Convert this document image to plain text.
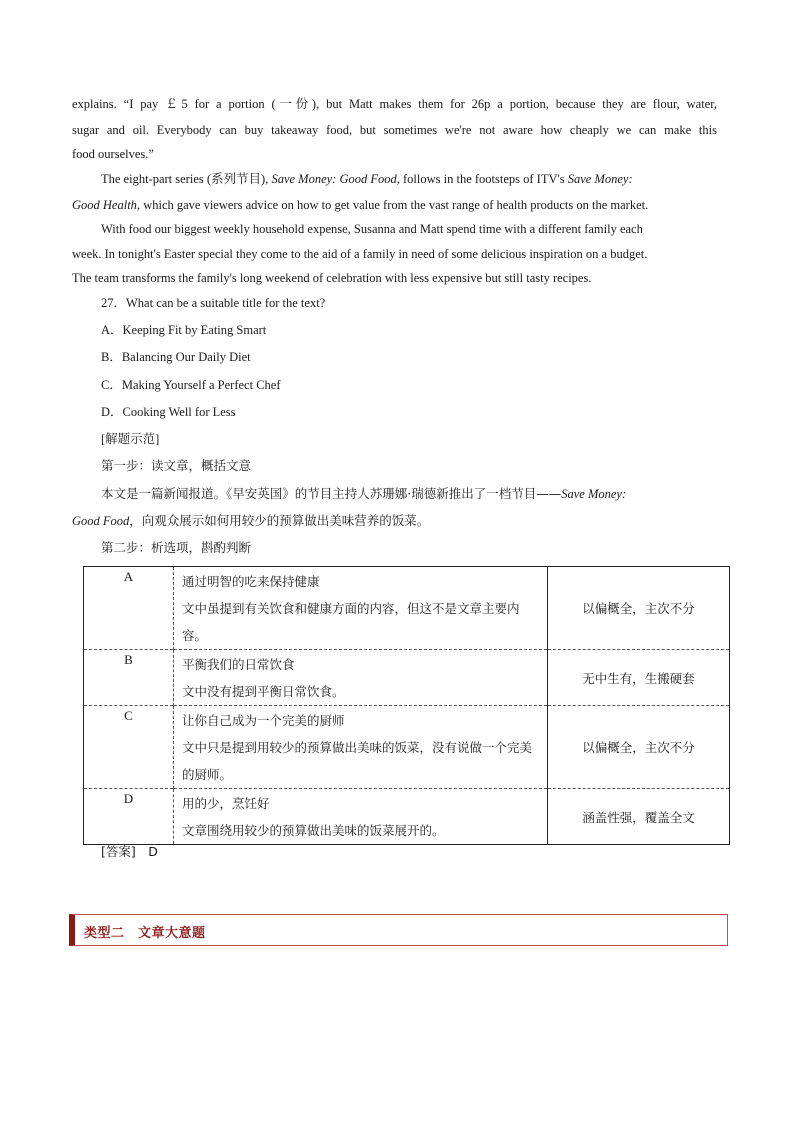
explains. “I pay ￡5 for a portion (一份), but Matt makes them for 26p a portion, because they are flour, water,
sugar and oil. Everybody can buy takeaway food, but sometimes we're not aware how cheaply we can make this
food ourselves.”
The eight-part series (系列节目), Save Money: Good Food, follows in the footsteps of ITV's Save Money:
Good Health, which gave viewers advice on how to get value from the vast range of health products on the market.
With food our biggest weekly household expense, Susanna and Matt spend time with a different family each
week. In tonight's Easter special they come to the aid of a family in need of some delicious inspiration on a budget.
The team transforms the family's long weekend of celebration with less expensive but still tasty recipes.
27．What can be a suitable title for the text?
A．Keeping Fit by Eating Smart
B．Balancing Our Daily Diet
C．Making Yourself a Perfect Chef
D．Cooking Well for Less
[解题示范]
第一步：读文章，概括文意
本文是一篇新闻报道。《早安英国》的节目主持人苏珊娜·瑞德新推出了一档节目——Save Money:
Good Food，向观众展示如何用较少的预算做出美味营养的饭菜。
第二步：析选项，斟酌判断
A	通过明智的吃来保持健康
文中虽提到有关饮食和健康方面的内容，但这不是文章主要内容。	以偏概全，主次不分
B	平衡我们的日常饮食
文中没有提到平衡日常饮食。	无中生有，生搬硬套
C	让你自己成为一个完美的厨师
文中只是提到用较少的预算做出美味的饭菜，没有说做一个完美的厨师。	以偏概全，主次不分
D	用的少，烹饪好
文章围绕用较少的预算做出美味的饭菜展开的。	涵盖性强，覆盖全文
[答案]　D
类型二　文章大意题
